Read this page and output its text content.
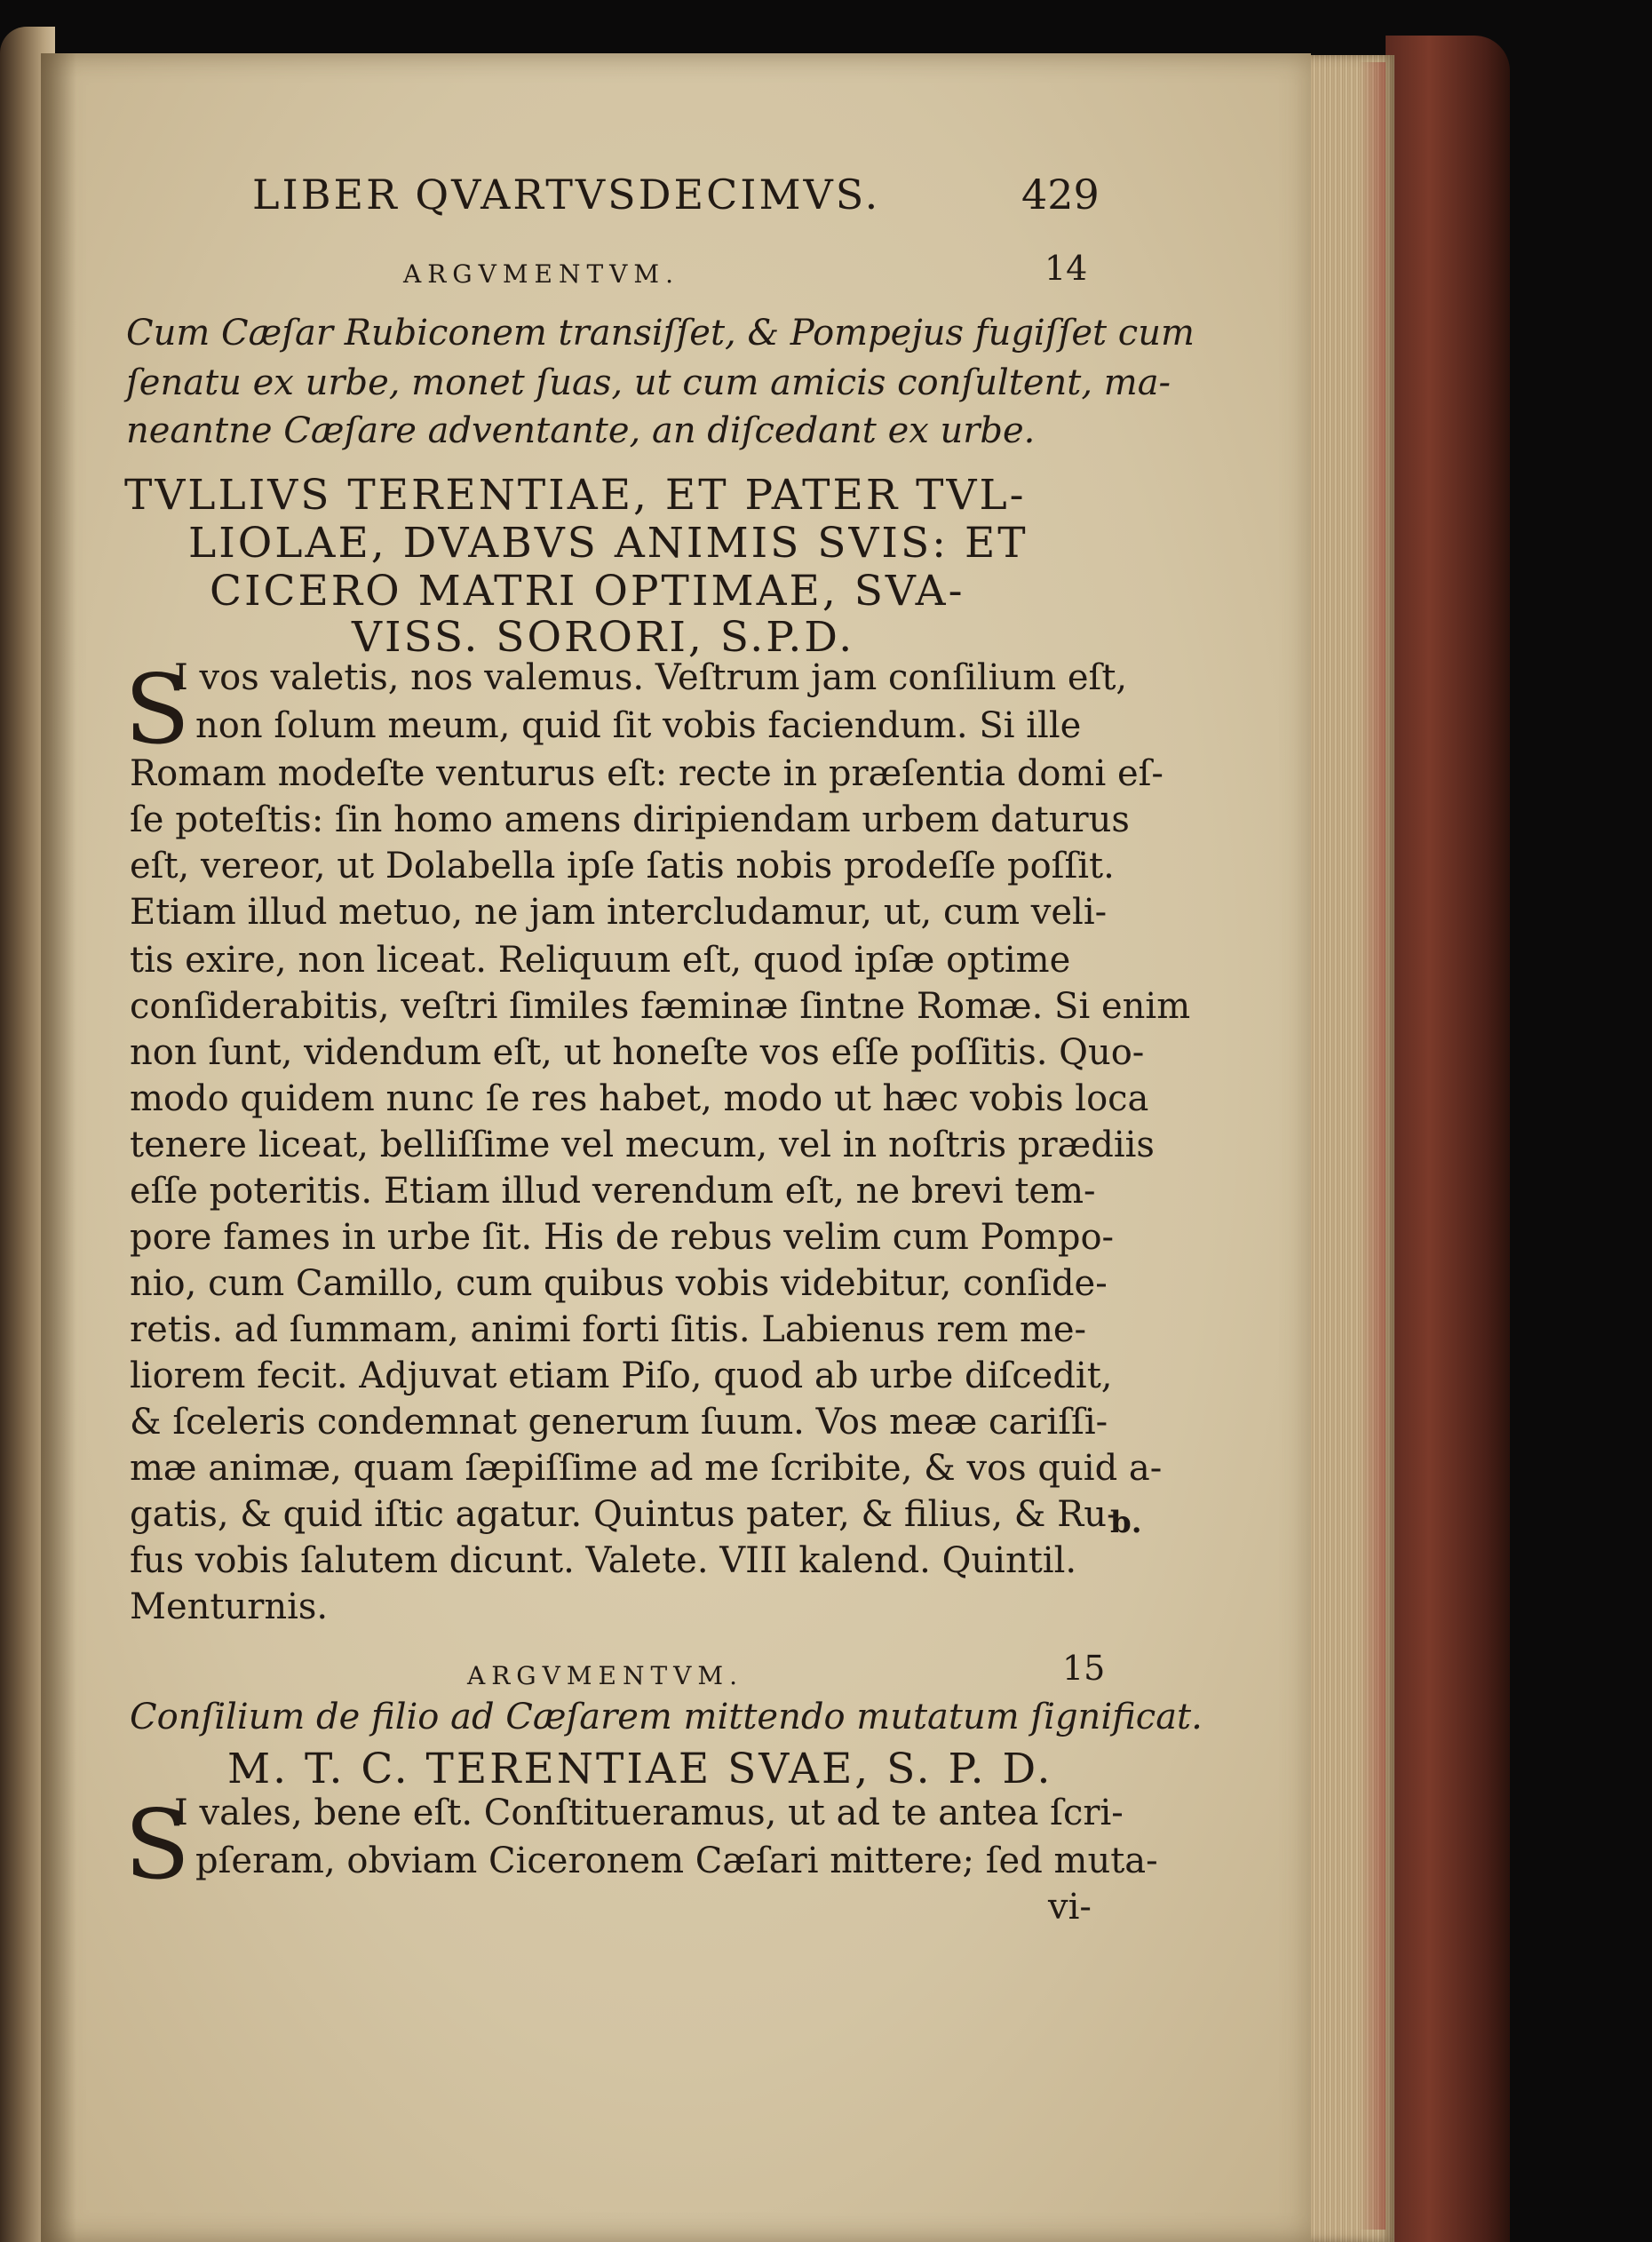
LIBER QVARTVSDECIMVS.	429
ARGVMENTVM.	14
Cum Cæſar Rubiconem transiſſet, & Pompejus fugiſſet cum
ſenatu ex urbe, monet ſuas, ut cum amicis conſultent, ma-
neantne Cæſare adventante, an diſcedant ex urbe.
TVLLIVS TERENTIAE, ET PATER TVL-
LIOLAE, DVABVS ANIMIS SVIS: ET
CICERO MATRI OPTIMAE, SVA-
VISS. SORORI, S.P.D.
S
I vos valetis, nos valemus. Veſtrum jam conſilium eſt,
non ſolum meum, quid ſit vobis faciendum. Si ille
Romam modeſte venturus eſt: recte in præſentia domi eſ-
ſe poteſtis: ſin homo amens diripiendam urbem daturus
eſt, vereor, ut Dolabella ipſe ſatis nobis prodeſſe poſſit.
Etiam illud metuo, ne jam intercludamur, ut, cum veli-
tis exire, non liceat. Reliquum eſt, quod ipſæ optime
conſiderabitis, veſtri ſimiles fæminæ ſintne Romæ. Si enim
non ſunt, videndum eſt, ut honeſte vos eſſe poſſitis. Quo-
modo quidem nunc ſe res habet, modo ut hæc vobis loca
tenere liceat, belliſſime vel mecum, vel in noſtris prædiis
eſſe poteritis. Etiam illud verendum eſt, ne brevi tem-
pore fames in urbe ſit. His de rebus velim cum Pompo-
nio, cum Camillo, cum quibus vobis videbitur, conſide-
retis. ad ſummam, animi forti ſitis. Labienus rem me-
liorem fecit. Adjuvat etiam Piſo, quod ab urbe diſcedit,
& ſceleris condemnat generum ſuum. Vos meæ cariſſi-
mæ animæ, quam ſæpiſſime ad me ſcribite, & vos quid a-
gatis, & quid iſtic agatur. Quintus pater, & filius, & Ru-
fus vobis ſalutem dicunt. Valete. VIII kalend. Quintil.
Menturnis.
b.
ARGVMENTVM.	15
Conſilium de filio ad Cæſarem mittendo mutatum ſignificat.
M. T. C. TERENTIAE SVAE, S. P. D.
S
I vales, bene eſt. Conſtitueramus, ut ad te antea ſcri-
pſeram, obviam Ciceronem Cæſari mittere; ſed muta-
vi-
